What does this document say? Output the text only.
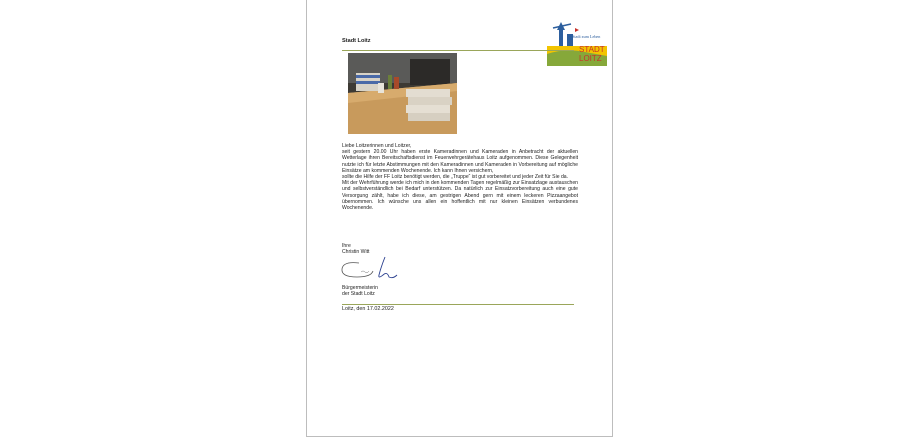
Stadt Loitz
Stadt zum Leben
STADT
LOITZ

Liebe Loitzerinnen und Loitzer,

seit gestern 20.00 Uhr haben erste Kameradinnen und Kameraden in Anbetracht der aktuellen Wetterlage ihren Bereitschaftsdienst im Feuerwehrgerätehaus Loitz aufgenommen. Diese Gelegenheit nutzte ich für letzte Abstimmungen mit den Kameradinnen und Kameraden in Vorbereitung auf mögliche Einsätze am kommenden Wochenende. Ich kann Ihnen versichern,

sollte die Hilfe der FF Loitz benötigt werden, die „Truppe“ ist gut vorbereitet und jeder Zeit für Sie da.

Mit der Wehrführung werde ich mich in den kommenden Tagen regelmäßig zur Einsatzlage austauschen und selbstverständlich bei Bedarf unterstützen. Da natürlich zur Einsatzvorbereitung auch eine gute Versorgung zählt, habe ich diese, am gestrigen Abend gern mit einem leckeren Pizzaangebot übernommen. Ich wünsche uns allen ein hoffentlich mit nur kleinen Einsätzen verbundenes Wochenende.

Ihre
Christin Witt
Bürgermeisterin
der Stadt Loitz
Loitz, den 17.02.2022
